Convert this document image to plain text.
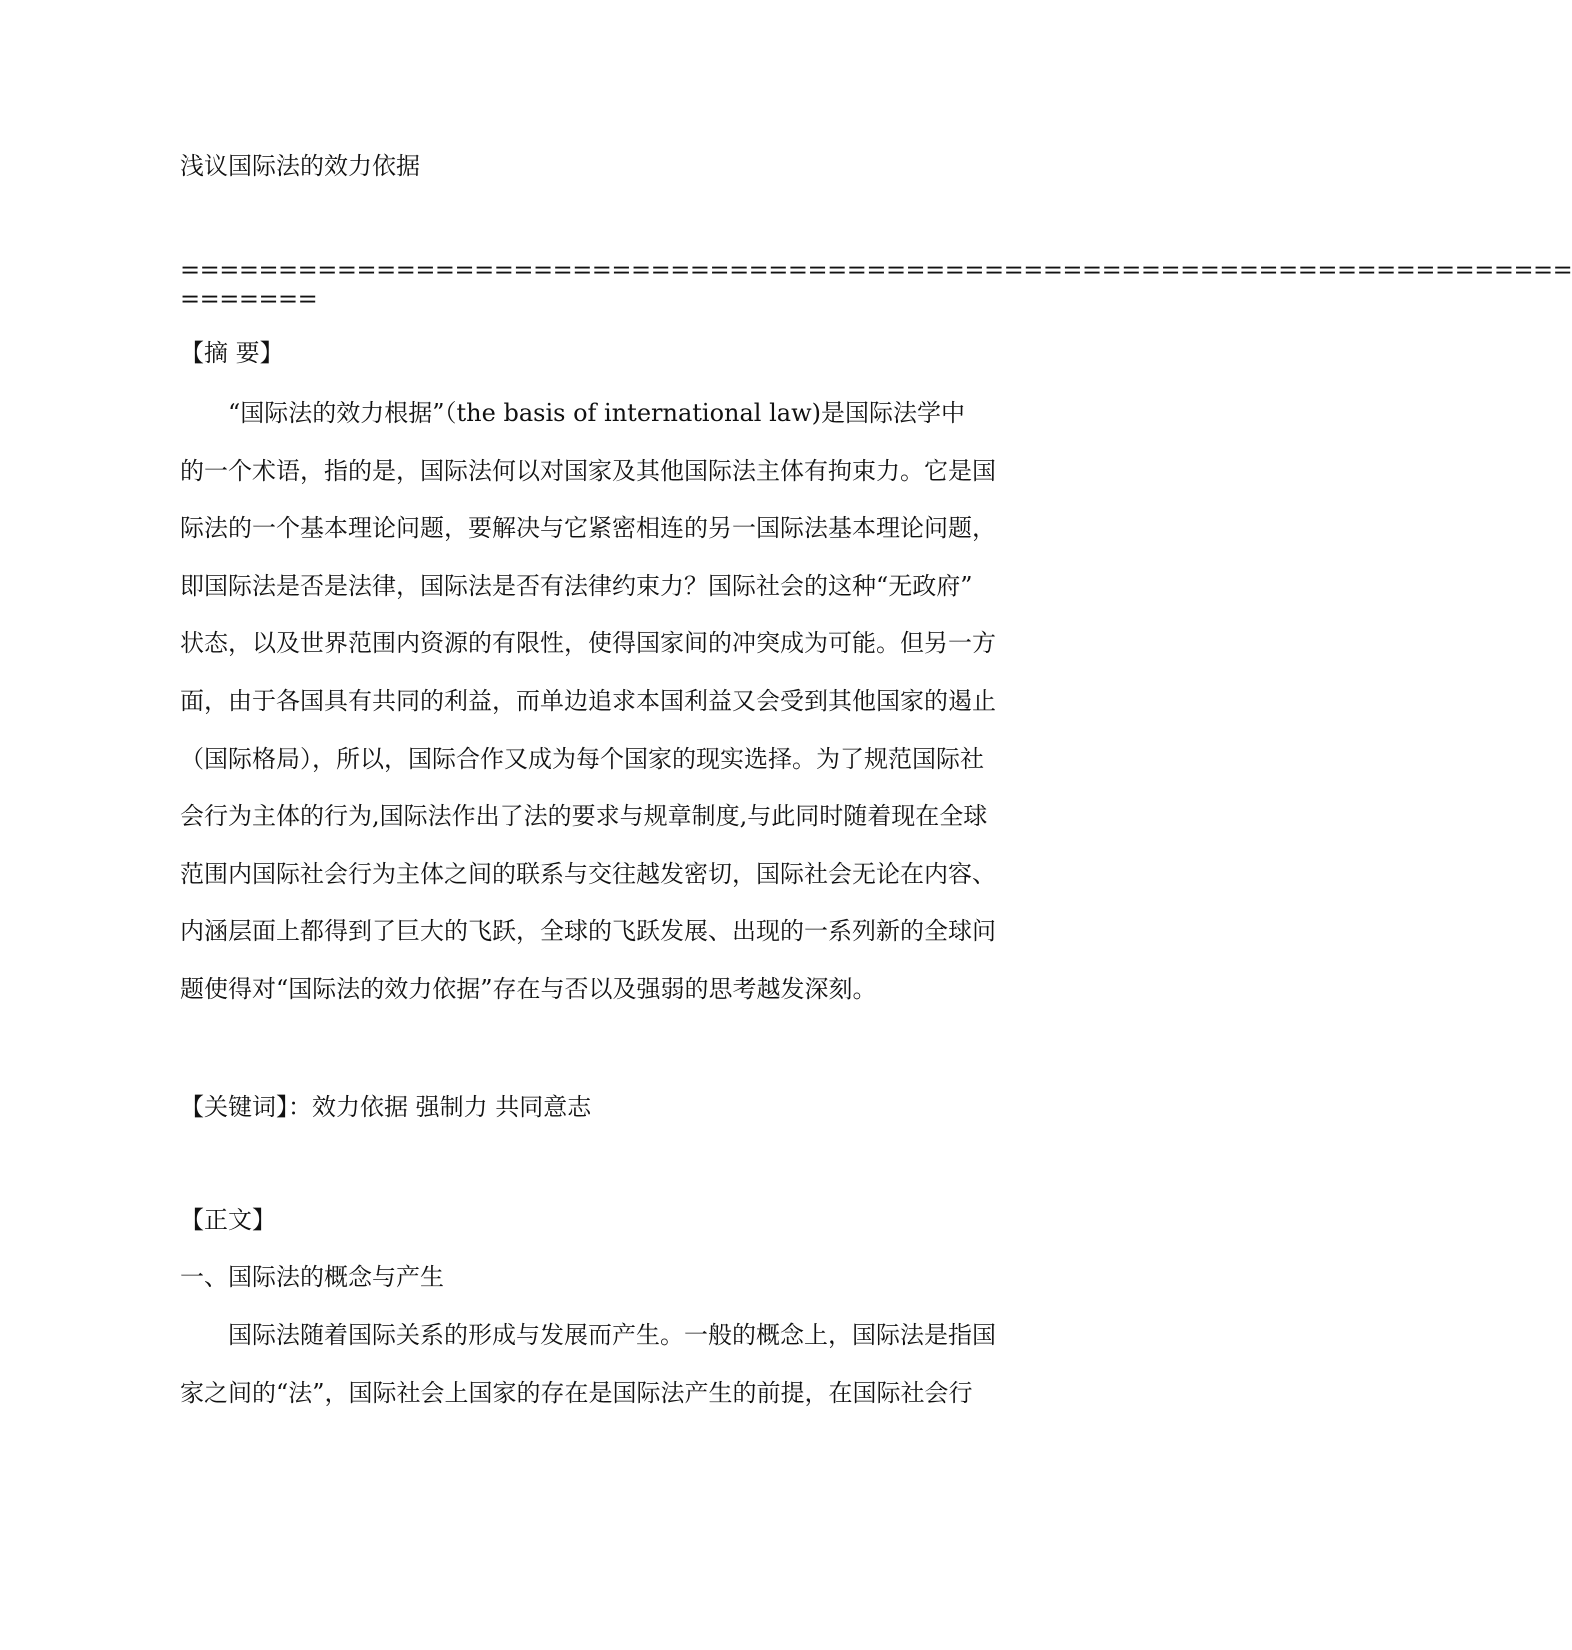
浅议国际法的效力依据
=======================================================================
=======
【摘 要】

“国际法的效力根据”（the basis of international law)是国际法学中

的一个术语，指的是，国际法何以对国家及其他国际法主体有拘束力。它是国

际法的一个基本理论问题，要解决与它紧密相连的另一国际法基本理论问题，

即国际法是否是法律，国际法是否有法律约束力？国际社会的这种“无政府”

状态，以及世界范围内资源的有限性，使得国家间的冲突成为可能。但另一方

面，由于各国具有共同的利益，而单边追求本国利益又会受到其他国家的遏止

（国际格局），所以，国际合作又成为每个国家的现实选择。为了规范国际社

会行为主体的行为,国际法作出了法的要求与规章制度,与此同时随着现在全球

范围内国际社会行为主体之间的联系与交往越发密切，国际社会无论在内容、

内涵层面上都得到了巨大的飞跃，全球的飞跃发展、出现的一系列新的全球问

题使得对“国际法的效力依据”存在与否以及强弱的思考越发深刻。

【关键词】：效力依据 强制力 共同意志
【正文】
一、国际法的概念与产生

国际法随着国际关系的形成与发展而产生。一般的概念上，国际法是指国

家之间的“法”，国际社会上国家的存在是国际法产生的前提，在国际社会行
